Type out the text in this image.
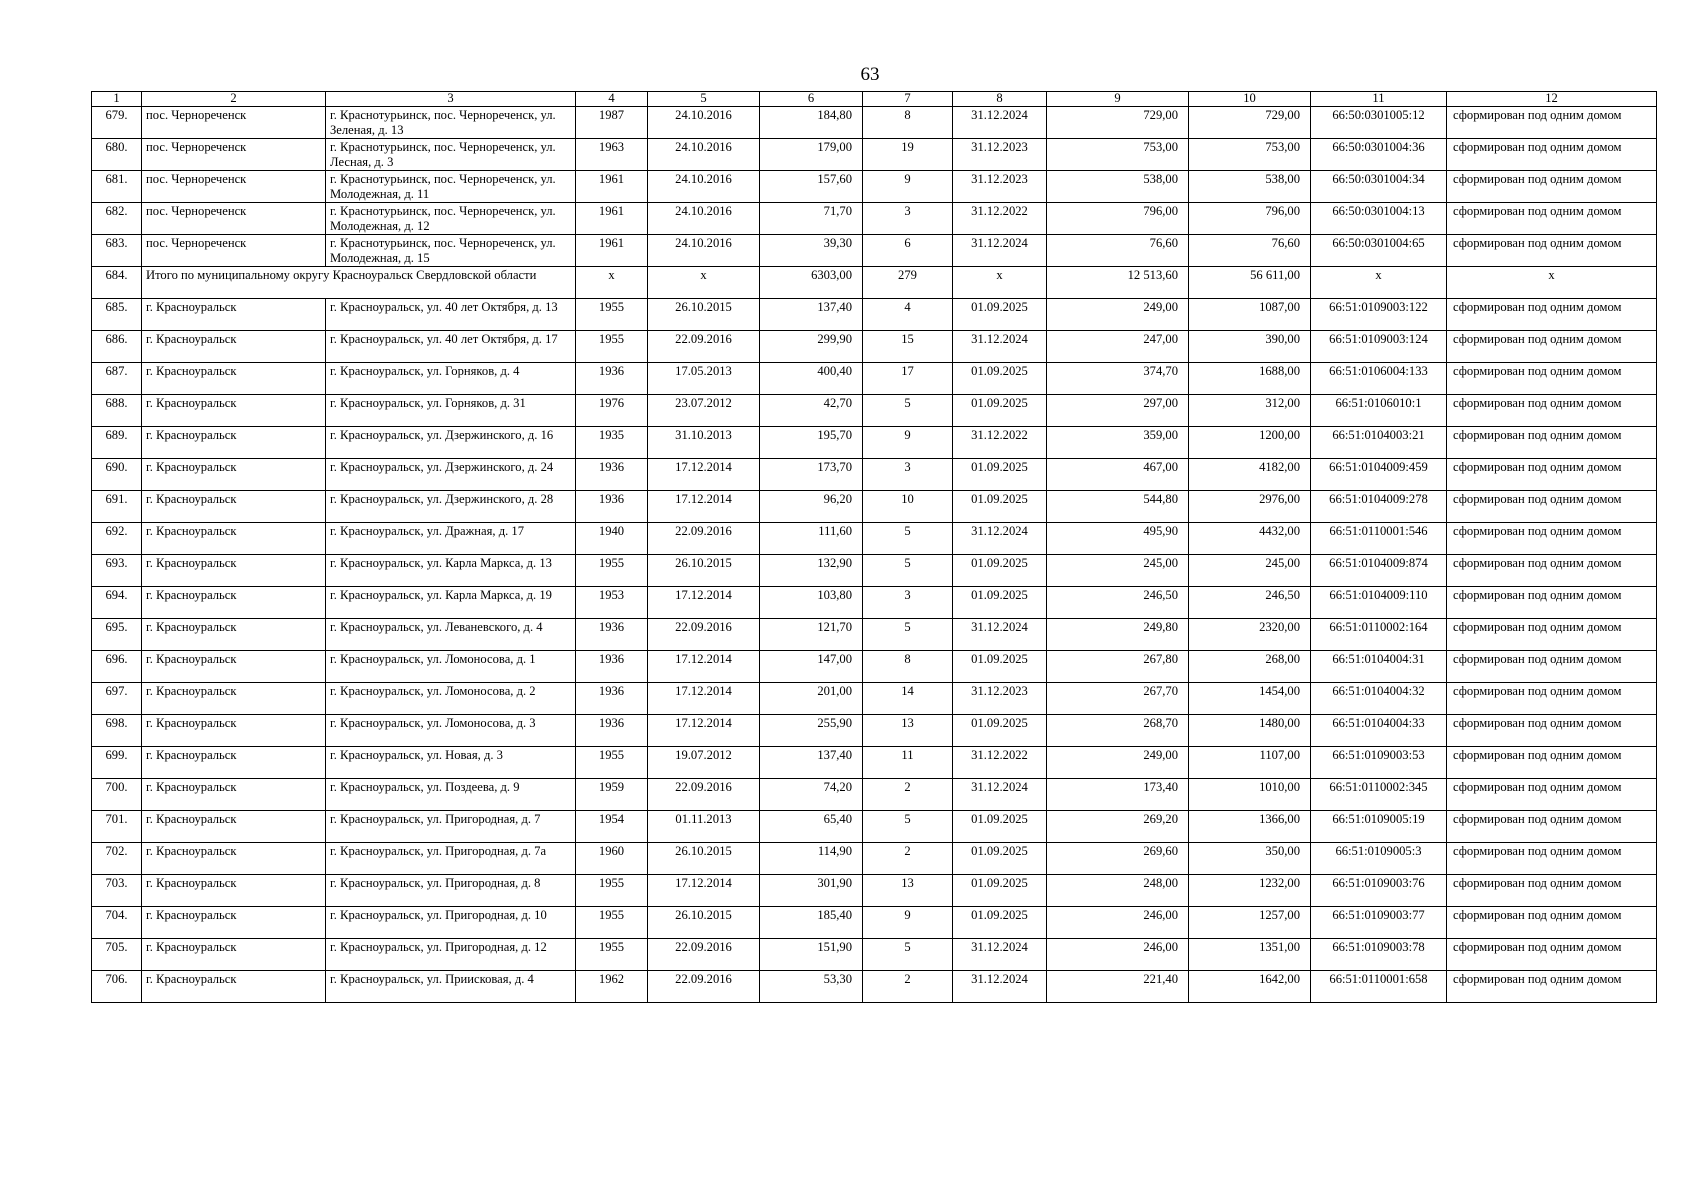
63
1	2	3	4	5	6	7	8	9	10	11	12
679.	пос. Чернореченск	г. Краснотурьинск, пос. Чернореченск, ул. Зеленая, д. 13	1987	24.10.2016	184,80	8	31.12.2024	729,00	729,00	66:50:0301005:12	сформирован под одним домом
680.	пос. Чернореченск	г. Краснотурьинск, пос. Чернореченск, ул. Лесная, д. 3	1963	24.10.2016	179,00	19	31.12.2023	753,00	753,00	66:50:0301004:36	сформирован под одним домом
681.	пос. Чернореченск	г. Краснотурьинск, пос. Чернореченск, ул. Молодежная, д. 11	1961	24.10.2016	157,60	9	31.12.2023	538,00	538,00	66:50:0301004:34	сформирован под одним домом
682.	пос. Чернореченск	г. Краснотурьинск, пос. Чернореченск, ул. Молодежная, д. 12	1961	24.10.2016	71,70	3	31.12.2022	796,00	796,00	66:50:0301004:13	сформирован под одним домом
683.	пос. Чернореченск	г. Краснотурьинск, пос. Чернореченск, ул. Молодежная, д. 15	1961	24.10.2016	39,30	6	31.12.2024	76,60	76,60	66:50:0301004:65	сформирован под одним домом
684.	Итого по муниципальному округу Красноуральск Свердловской области		х	х	6303,00	279	х	12 513,60	56 611,00	х	х
685.	г. Красноуральск	г. Красноуральск, ул. 40 лет Октября, д. 13	1955	26.10.2015	137,40	4	01.09.2025	249,00	1087,00	66:51:0109003:122	сформирован под одним домом
686.	г. Красноуральск	г. Красноуральск, ул. 40 лет Октября, д. 17	1955	22.09.2016	299,90	15	31.12.2024	247,00	390,00	66:51:0109003:124	сформирован под одним домом
687.	г. Красноуральск	г. Красноуральск, ул. Горняков, д. 4	1936	17.05.2013	400,40	17	01.09.2025	374,70	1688,00	66:51:0106004:133	сформирован под одним домом
688.	г. Красноуральск	г. Красноуральск, ул. Горняков, д. 31	1976	23.07.2012	42,70	5	01.09.2025	297,00	312,00	66:51:0106010:1	сформирован под одним домом
689.	г. Красноуральск	г. Красноуральск, ул. Дзержинского, д. 16	1935	31.10.2013	195,70	9	31.12.2022	359,00	1200,00	66:51:0104003:21	сформирован под одним домом
690.	г. Красноуральск	г. Красноуральск, ул. Дзержинского, д. 24	1936	17.12.2014	173,70	3	01.09.2025	467,00	4182,00	66:51:0104009:459	сформирован под одним домом
691.	г. Красноуральск	г. Красноуральск, ул. Дзержинского, д. 28	1936	17.12.2014	96,20	10	01.09.2025	544,80	2976,00	66:51:0104009:278	сформирован под одним домом
692.	г. Красноуральск	г. Красноуральск, ул. Дражная, д. 17	1940	22.09.2016	111,60	5	31.12.2024	495,90	4432,00	66:51:0110001:546	сформирован под одним домом
693.	г. Красноуральск	г. Красноуральск, ул. Карла Маркса, д. 13	1955	26.10.2015	132,90	5	01.09.2025	245,00	245,00	66:51:0104009:874	сформирован под одним домом
694.	г. Красноуральск	г. Красноуральск, ул. Карла Маркса, д. 19	1953	17.12.2014	103,80	3	01.09.2025	246,50	246,50	66:51:0104009:110	сформирован под одним домом
695.	г. Красноуральск	г. Красноуральск, ул. Леваневского, д. 4	1936	22.09.2016	121,70	5	31.12.2024	249,80	2320,00	66:51:0110002:164	сформирован под одним домом
696.	г. Красноуральск	г. Красноуральск, ул. Ломоносова, д. 1	1936	17.12.2014	147,00	8	01.09.2025	267,80	268,00	66:51:0104004:31	сформирован под одним домом
697.	г. Красноуральск	г. Красноуральск, ул. Ломоносова, д. 2	1936	17.12.2014	201,00	14	31.12.2023	267,70	1454,00	66:51:0104004:32	сформирован под одним домом
698.	г. Красноуральск	г. Красноуральск, ул. Ломоносова, д. 3	1936	17.12.2014	255,90	13	01.09.2025	268,70	1480,00	66:51:0104004:33	сформирован под одним домом
699.	г. Красноуральск	г. Красноуральск, ул. Новая, д. 3	1955	19.07.2012	137,40	11	31.12.2022	249,00	1107,00	66:51:0109003:53	сформирован под одним домом
700.	г. Красноуральск	г. Красноуральск, ул. Поздеева, д. 9	1959	22.09.2016	74,20	2	31.12.2024	173,40	1010,00	66:51:0110002:345	сформирован под одним домом
701.	г. Красноуральск	г. Красноуральск, ул. Пригородная, д. 7	1954	01.11.2013	65,40	5	01.09.2025	269,20	1366,00	66:51:0109005:19	сформирован под одним домом
702.	г. Красноуральск	г. Красноуральск, ул. Пригородная, д. 7а	1960	26.10.2015	114,90	2	01.09.2025	269,60	350,00	66:51:0109005:3	сформирован под одним домом
703.	г. Красноуральск	г. Красноуральск, ул. Пригородная, д. 8	1955	17.12.2014	301,90	13	01.09.2025	248,00	1232,00	66:51:0109003:76	сформирован под одним домом
704.	г. Красноуральск	г. Красноуральск, ул. Пригородная, д. 10	1955	26.10.2015	185,40	9	01.09.2025	246,00	1257,00	66:51:0109003:77	сформирован под одним домом
705.	г. Красноуральск	г. Красноуральск, ул. Пригородная, д. 12	1955	22.09.2016	151,90	5	31.12.2024	246,00	1351,00	66:51:0109003:78	сформирован под одним домом
706.	г. Красноуральск	г. Красноуральск, ул. Приисковая, д. 4	1962	22.09.2016	53,30	2	31.12.2024	221,40	1642,00	66:51:0110001:658	сформирован под одним домом
